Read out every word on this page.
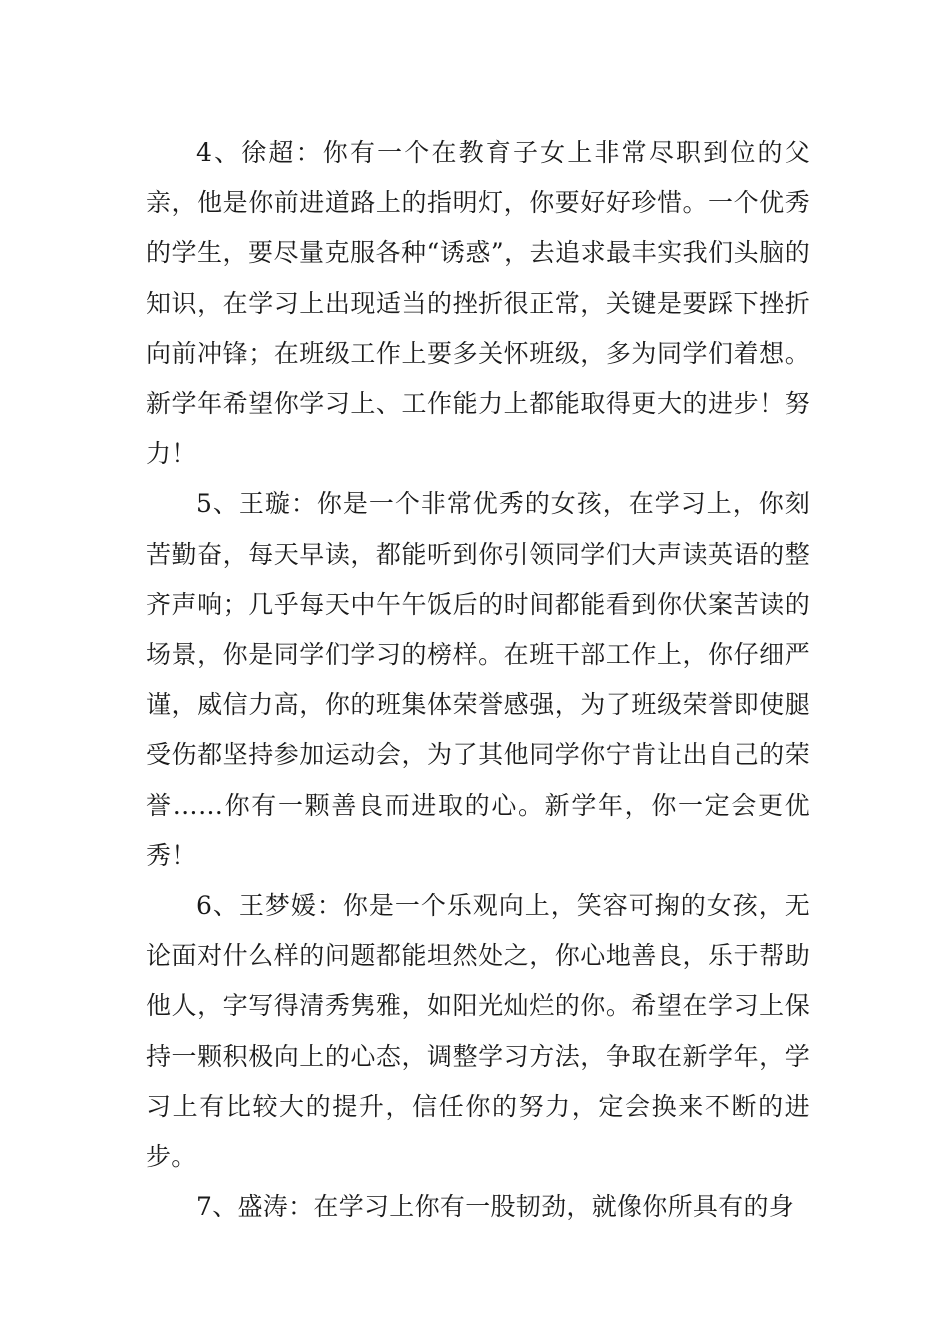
4、徐超：你有一个在教育子女上非常尽职到位的父亲，他是你前进道路上的指明灯，你要好好珍惜。一个优秀的学生，要尽量克服各种“诱惑”，去追求最丰实我们头脑的知识，在学习上出现适当的挫折很正常，关键是要踩下挫折向前冲锋；在班级工作上要多关怀班级，多为同学们着想。新学年希望你学习上、工作能力上都能取得更大的进步！努力！

5、王璇：你是一个非常优秀的女孩，在学习上，你刻苦勤奋，每天早读，都能听到你引领同学们大声读英语的整齐声响；几乎每天中午午饭后的时间都能看到你伏案苦读的场景，你是同学们学习的榜样。在班干部工作上，你仔细严谨，威信力高，你的班集体荣誉感强，为了班级荣誉即使腿受伤都坚持参加运动会，为了其他同学你宁肯让出自己的荣誉……你有一颗善良而进取的心。新学年，你一定会更优秀！

6、王梦媛：你是一个乐观向上，笑容可掬的女孩，无论面对什么样的问题都能坦然处之，你心地善良，乐于帮助他人，字写得清秀隽雅，如阳光灿烂的你。希望在学习上保持一颗积极向上的心态，调整学习方法，争取在新学年，学习上有比较大的提升，信任你的努力，定会换来不断的进步。

7、盛涛：在学习上你有一股韧劲，就像你所具有的身
